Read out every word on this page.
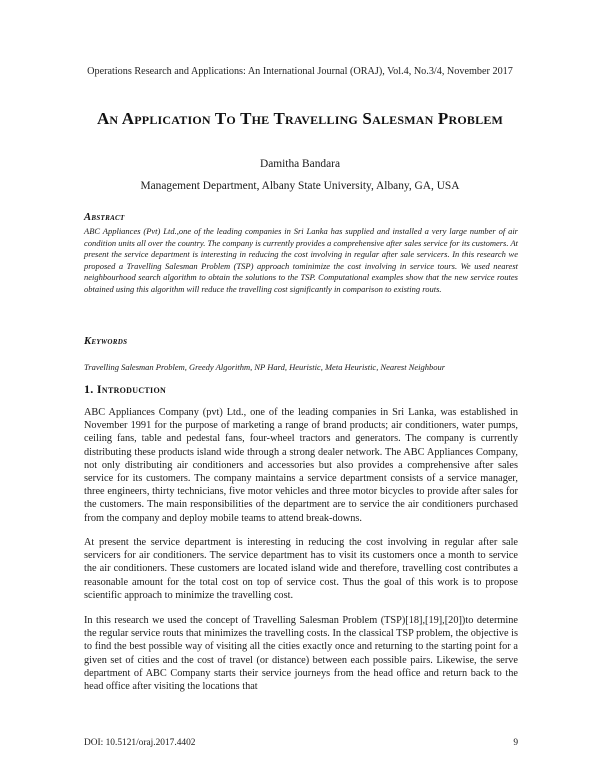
Operations Research and Applications: An International Journal (ORAJ), Vol.4, No.3/4, November 2017
An Application To The Travelling Salesman Problem
Damitha Bandara
Management Department, Albany State University, Albany, GA, USA
Abstract
ABC Appliances (Pvt) Ltd.,one of the leading companies in Sri Lanka has supplied and installed a very large number of air condition units all over the country. The company is currently provides a comprehensive after sales service for its customers. At present the service department is interesting in reducing the cost involving in regular after sale servicers. In this research we proposed a Travelling Salesman Problem (TSP) approach tominimize the cost involving in service tours. We used nearest neighbourhood search algorithm to obtain the solutions to the TSP. Computational examples show that the new service routes obtained using this algorithm will reduce the travelling cost significantly in comparison to existing routs.
Keywords
Travelling Salesman Problem, Greedy Algorithm, NP Hard, Heuristic, Meta Heuristic, Nearest Neighbour
1. Introduction
ABC Appliances Company (pvt) Ltd., one of the leading companies in Sri Lanka, was established in November 1991 for the purpose of marketing a range of brand products; air conditioners, water pumps, ceiling fans, table and pedestal fans, four-wheel tractors and generators. The company is currently distributing these products island wide through a strong dealer network. The ABC Appliances Company, not only distributing air conditioners and accessories but also provides a comprehensive after sales service for its customers. The company maintains a service department consists of a service manager, three engineers, thirty technicians, five motor vehicles and three motor bicycles to provide after sales for the customers. The main responsibilities of the department are to service the air conditioners purchased from the company and deploy mobile teams to attend break-downs.
At present the service department is interesting in reducing the cost involving in regular after sale servicers for air conditioners. The service department has to visit its customers once a month to service the air conditioners. These customers are located island wide and therefore, travelling cost contributes a reasonable amount for the total cost on top of service cost. Thus the goal of this work is to propose scientific approach to minimize the travelling cost.
In this research we used the concept of Travelling Salesman Problem (TSP)[18],[19],[20])to determine the regular service routs that minimizes the travelling costs. In the classical TSP problem, the objective is to find the best possible way of visiting all the cities exactly once and returning to the starting point for a given set of cities and the cost of travel (or distance) between each possible pairs. Likewise, the serve department of ABC Company starts their service journeys from the head office and return back to the head office after visiting the locations that
DOI: 10.5121/oraj.2017.4402	9
